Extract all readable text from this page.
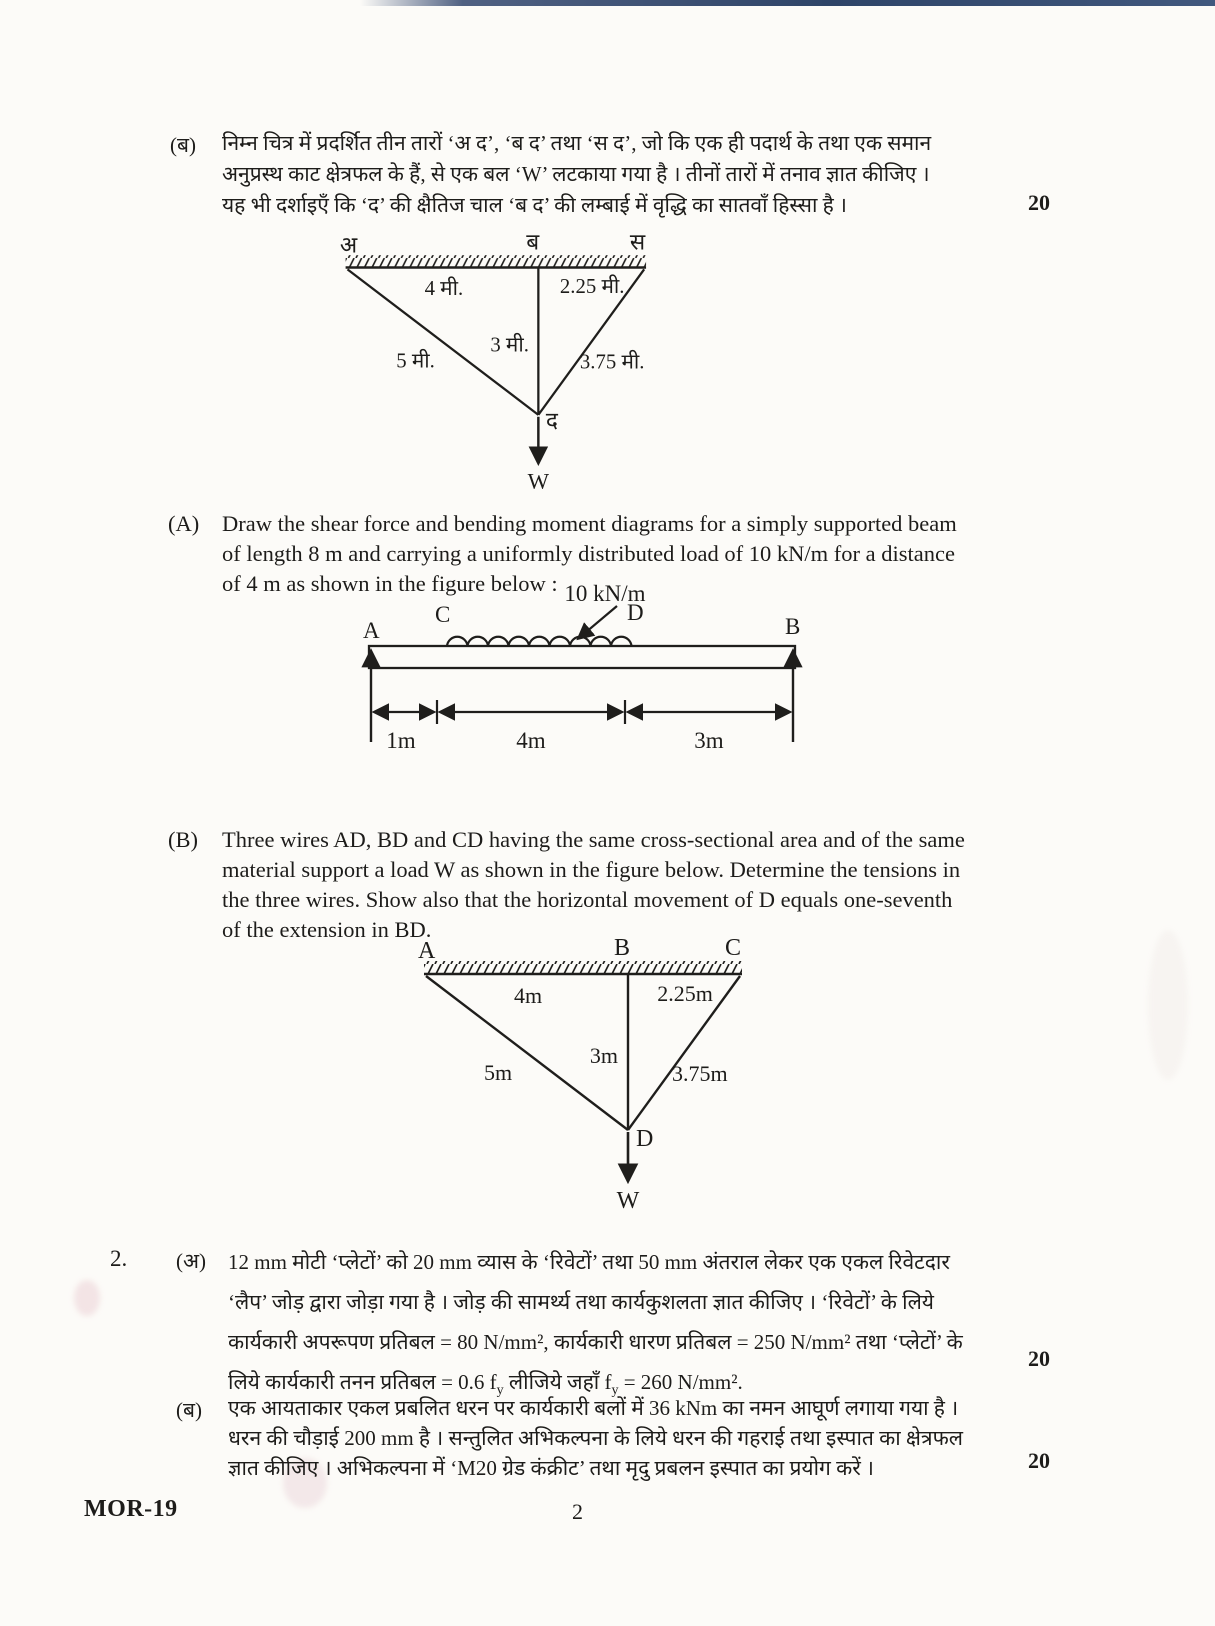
(ब) निम्न चित्र में प्रदर्शित तीन तारों ‘अ द’, ‘ब द’ तथा ‘स द’, जो कि एक ही पदार्थ के तथा एक समान
अनुप्रस्थ काट क्षेत्रफल के हैं, से एक बल ‘W’ लटकाया गया है । तीनों तारों में तनाव ज्ञात कीजिए ।
यह भी दर्शाइएँ कि ‘द’ की क्षैतिज चाल ‘ब द’ की लम्बाई में वृद्धि का सातवाँ हिस्सा है ।	20
अ	ब	स
द
W
4 मी.	2.25 मी.
5 मी.
3 मी.
3.75 मी.
(A) Draw the shear force and bending moment diagrams for a simply supported beam
of length 8 m and carrying a uniformly distributed load of 10 kN/m for a distance
of 4 m as shown in the figure below : 10 kN/m
A	B
C	D
1m	4m	3m
(B) Three wires AD, BD and CD having the same cross-sectional area and of the same
material support a load W as shown in the figure below. Determine the tensions in
the three wires. Show also that the horizontal movement of D equals one-seventh
of the extension in BD.
A	B	C
D
W
4m	2.25m
5m
3m
3.75m
2. (अ) 12 mm मोटी ‘प्लेटों’ को 20 mm व्यास के ‘रिवेटों’ तथा 50 mm अंतराल लेकर एक एकल रिवेटदार
‘लैप’ जोड़ द्वारा जोड़ा गया है । जोड़ की सामर्थ्य तथा कार्यकुशलता ज्ञात कीजिए । ‘रिवेटों’ के लिये
कार्यकारी अपरूपण प्रतिबल = 80 N/mm², कार्यकारी धारण प्रतिबल = 250 N/mm² तथा ‘प्लेटों’ के
लिये कार्यकारी तनन प्रतिबल = 0.6 $f_y$ लीजिये जहाँ $f_y = 260$ N/mm².
20
(ब) एक आयताकार एकल प्रबलित धरन पर कार्यकारी बलों में 36 kNm का नमन आघूर्ण लगाया गया है ।
धरन की चौड़ाई 200 mm है । सन्तुलित अभिकल्पना के लिये धरन की गहराई तथा इस्पात का क्षेत्रफल
ज्ञात कीजिए । अभिकल्पना में ‘M20 ग्रेड कंक्रीट’ तथा मृदु प्रबलन इस्पात का प्रयोग करें ।	20
MOR-19	2
